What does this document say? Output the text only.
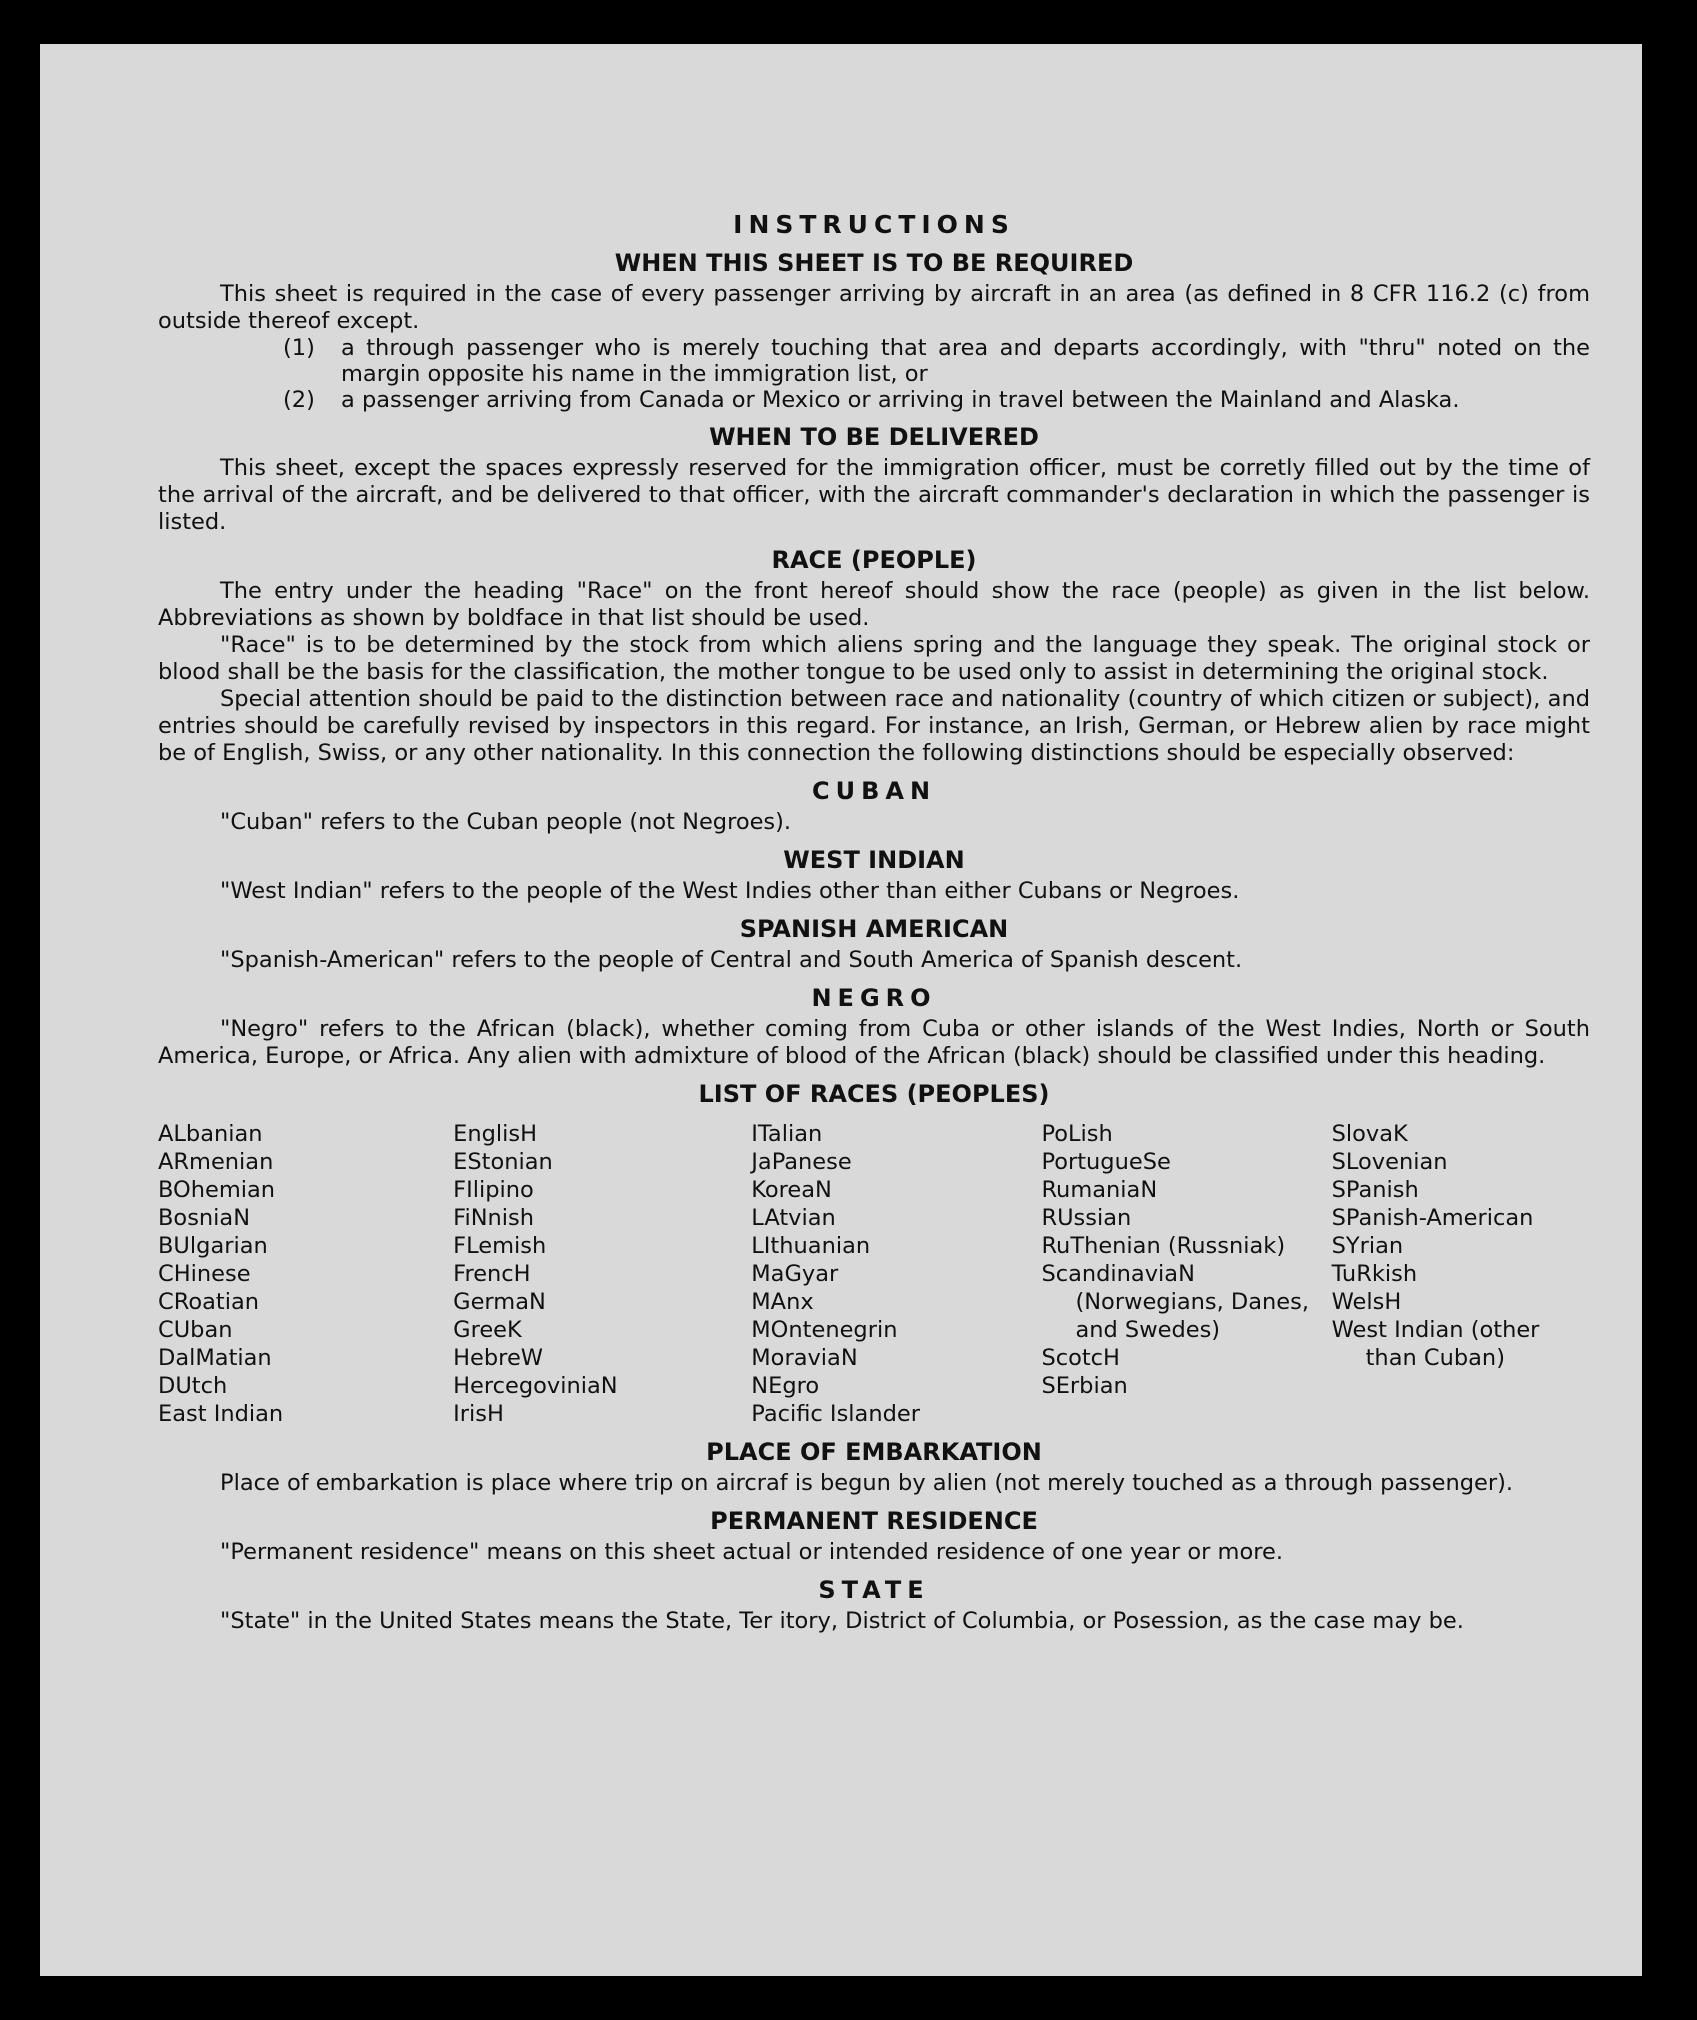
INSTRUCTIONS
WHEN THIS SHEET IS TO BE REQUIRED

This sheet is required in the case of every passenger arriving by aircraft in an area (as defined in 8 CFR 116.2 (c) from outside thereof except.

(1)	a through passenger who is merely touching that area and departs accordingly, with "thru" noted on the margin opposite his name in the immigration list, or
(2)	a passenger arriving from Canada or Mexico or arriving in travel between the Mainland and Alaska.
WHEN TO BE DELIVERED

This sheet, except the spaces expressly reserved for the immigration officer, must be corretly filled out by the time of the arrival of the aircraft, and be delivered to that officer, with the aircraft commander's declaration in which the passenger is listed.

RACE (PEOPLE)

The entry under the heading "Race" on the front hereof should show the race (people) as given in the list below. Abbreviations as shown by boldface in that list should be used.

"Race" is to be determined by the stock from which aliens spring and the language they speak. The original stock or blood shall be the basis for the classification, the mother tongue to be used only to assist in determining the original stock.

Special attention should be paid to the distinction between race and nationality (country of which citizen or subject), and entries should be carefully revised by inspectors in this regard. For instance, an Irish, German, or Hebrew alien by race might be of English, Swiss, or any other nationality. In this connection the following distinctions should be especially observed:

CUBAN

"Cuban" refers to the Cuban people (not Negroes).

WEST INDIAN

"West Indian" refers to the people of the West Indies other than either Cubans or Negroes.

SPANISH AMERICAN

"Spanish-American" refers to the people of Central and South America of Spanish descent.

NEGRO

"Negro" refers to the African (black), whether coming from Cuba or other islands of the West Indies, North or South America, Europe, or Africa. Any alien with admixture of blood of the African (black) should be classified under this heading.

LIST OF RACES (PEOPLES)
ALbanian
ARmenian
BOhemian
BosniaN
BUlgarian
CHinese
CRoatian
CUban
DalMatian
DUtch
East Indian
EnglisH
EStonian
FIlipino
FiNnish
FLemish
FrencH
GermaN
GreeK
HebreW
HercegoviniaN
IrisH
ITalian
JaPanese
KoreaN
LAtvian
LIthuanian
MaGyar
MAnx
MOntenegrin
MoraviaN
NEgro
Pacific Islander
PoLish
PortugueSe
RumaniaN
RUssian
RuThenian (Russniak)
ScandinaviaN
(Norwegians, Danes, and Swedes)
ScotcH
SErbian
SlovaK
SLovenian
SPanish
SPanish-American
SYrian
TuRkish
WelsH
West Indian (other than Cuban)
PLACE OF EMBARKATION

Place of embarkation is place where trip on aircraf is begun by alien (not merely touched as a through passenger).

PERMANENT RESIDENCE

"Permanent residence" means on this sheet actual or intended residence of one year or more.

STATE

"State" in the United States means the State, Ter itory, District of Columbia, or Posession, as the case may be.
